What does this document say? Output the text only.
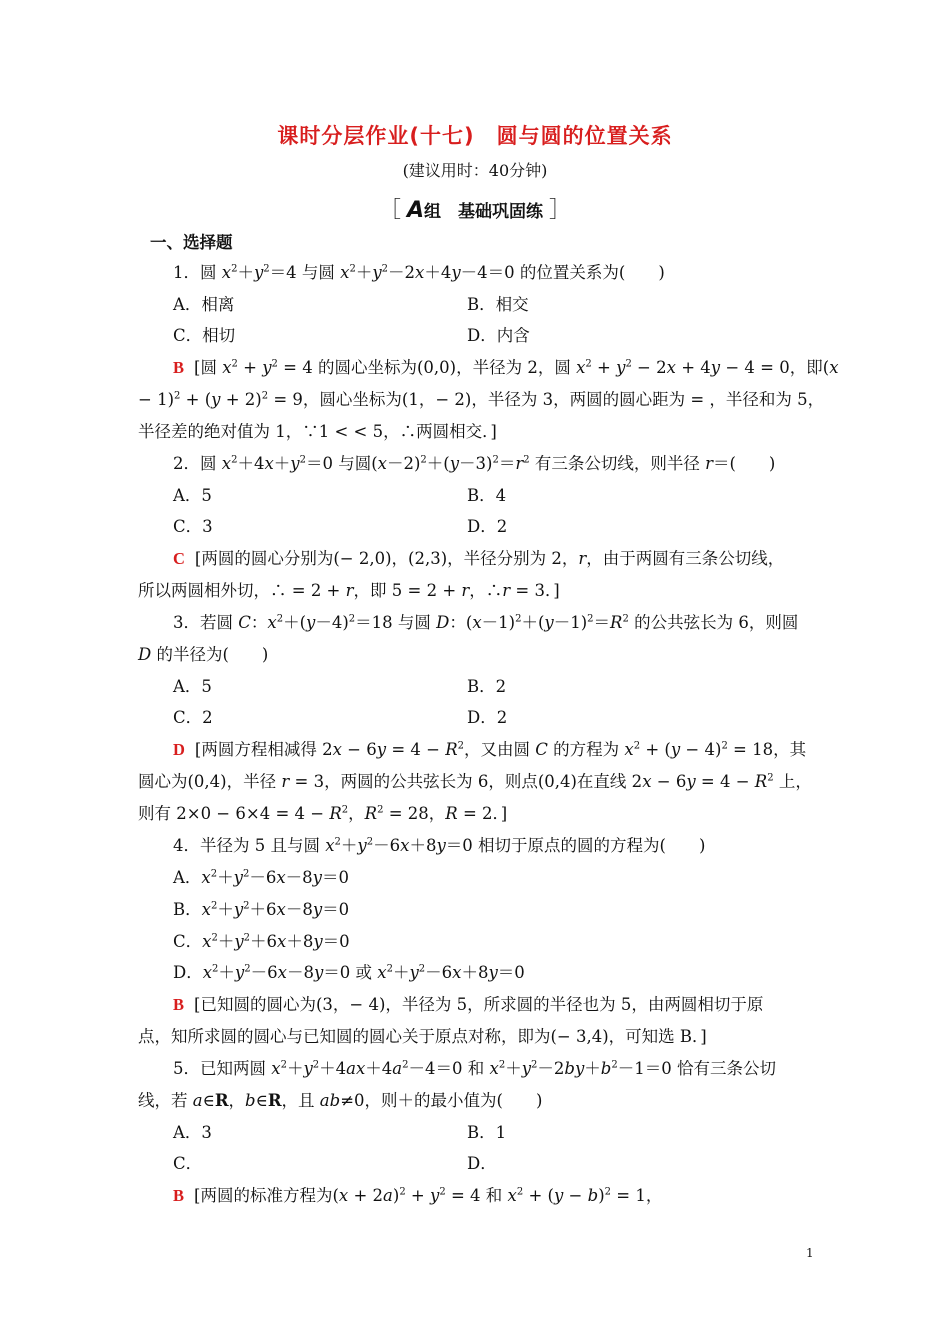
课时分层作业(十七)　圆与圆的位置关系
(建议用时：40分钟)
［ A组　基础巩固练 ］
一、选择题
1．圆 $x^2+y^2=4$ 与圆 $x^2+y^2-2x+4y-4=0$ 的位置关系为(　　)
A．相离	B．相交
C．相切	D．内含
B [圆 $x^2 + y^2 = 4$ 的圆心坐标为(0,0)，半径为 2，圆 $x^2 + y^2 - 2x + 4y - 4 = 0$，即(x
− $1)^2 + (y + 2)^2 = 9$，圆心坐标为(1，− 2)，半径为 3，两圆的圆心距为 = ，半径和为 5，
半径差的绝对值为 1，∵1 < < 5，∴两圆相交．]
2．圆 $x^2+4x+y^2=0$ 与圆$(x-2)^2+(y-3)^2=r^2$ 有三条公切线，则半径 r＝(　　)
A．5	B．4
C．3	D．2
C [两圆的圆心分别为(− 2,0)，(2,3)，半径分别为 2，r，由于两圆有三条公切线，
所以两圆相外切，∴ = 2 + r，即 5 = 2 + r，∴r = 3．]
3．若圆 C：$x^2+(y-4)^2=18$ 与圆 D：$(x-1)^2+(y-1)^2=R^2$ 的公共弦长为 6，则圆
D 的半径为(　　)
A．5	B．2
C．2	D．2
D [两圆方程相减得 $2x - 6y = 4 - R^2$，又由圆 C 的方程为 $x^2 + (y - 4)^2 = 18$，其
圆心为(0,4)，半径 r = 3，两圆的公共弦长为 6，则点(0,4)在直线 $2x - 6y = 4 - R^2$ 上，
则有 $2\times 0 - 6\times 4 = 4 - R^2$，$R^2 = 28$，R = 2．]
4．半径为 5 且与圆 $x^2+y^2-6x+8y=0$ 相切于原点的圆的方程为(　　)
A．$x^2+y^2-6x-8y=0$
B．$x^2+y^2+6x-8y=0$
C．$x^2+y^2+6x+8y=0$
D．$x^2+y^2-6x-8y=0$ 或 $x^2+y^2-6x+8y=0$
B [已知圆的圆心为(3，− 4)，半径为 5，所求圆的半径也为 5，由两圆相切于原
点，知所求圆的圆心与已知圆的圆心关于原点对称，即为(− 3,4)，可知选 B．]
5．已知两圆 $x^2+y^2+4ax+4a^2-4=0$ 和 $x^2+y^2-2by+b^2-1=0$ 恰有三条公切
线，若 a∈R，b∈R，且 ab≠0，则＋的最小值为(　　)
A．3	B．1
C．	D．
B [两圆的标准方程为$(x + 2a)^2 + y^2 = 4$ 和 $x^2 + (y - b)^2 = 1$，
1
